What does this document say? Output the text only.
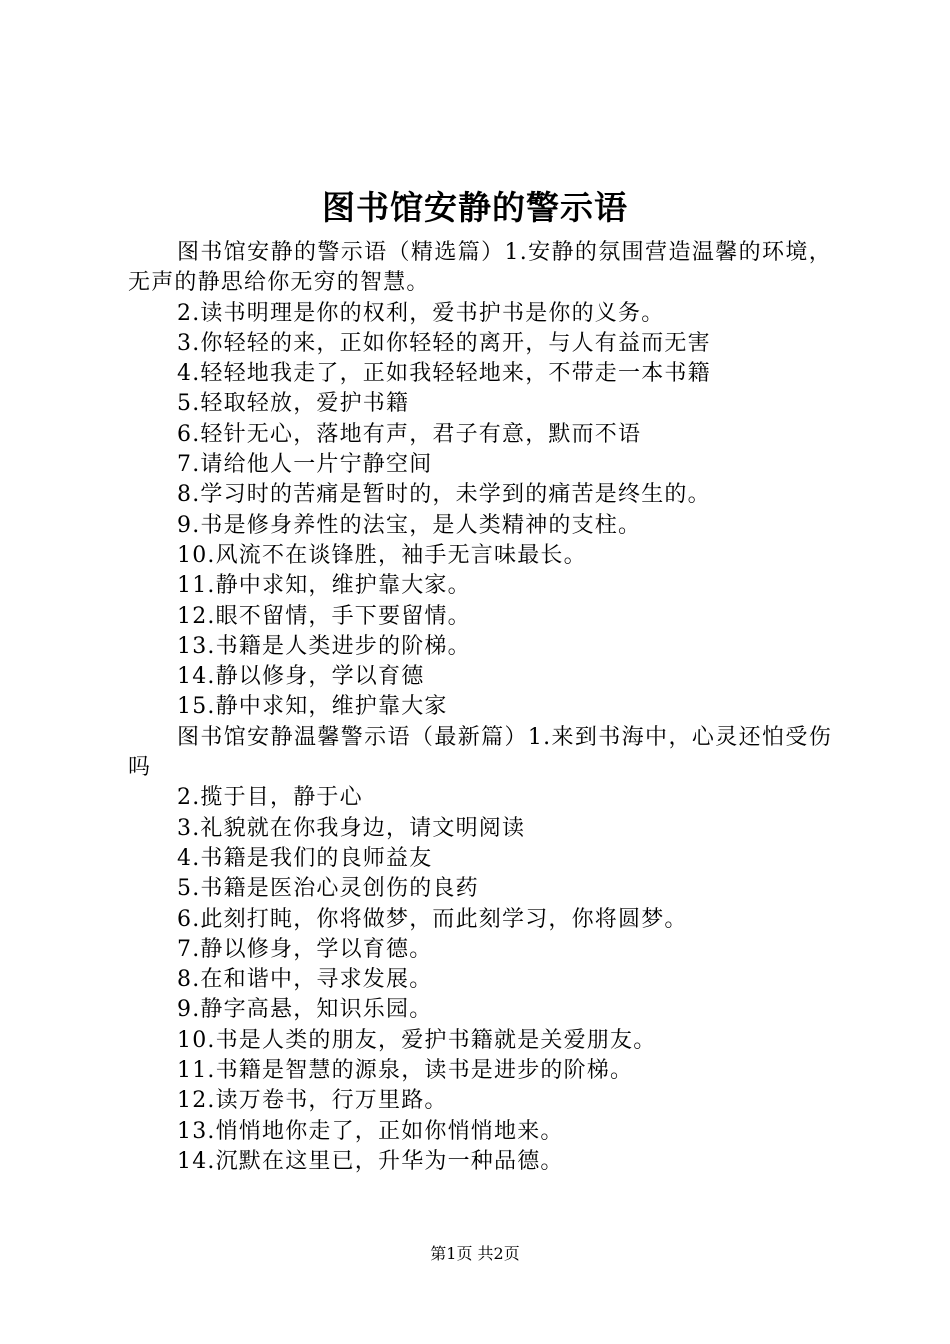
图书馆安静的警示语

图书馆安静的警示语（精选篇）1.安静的氛围营造温馨的环境，无声的静思给你无穷的智慧。

2.读书明理是你的权利，爱书护书是你的义务。

3.你轻轻的来，正如你轻轻的离开，与人有益而无害

4.轻轻地我走了，正如我轻轻地来，不带走一本书籍

5.轻取轻放，爱护书籍

6.轻针无心，落地有声，君子有意，默而不语

7.请给他人一片宁静空间

8.学习时的苦痛是暂时的，未学到的痛苦是终生的。

9.书是修身养性的法宝，是人类精神的支柱。

10.风流不在谈锋胜，袖手无言味最长。

11.静中求知，维护靠大家。

12.眼不留情，手下要留情。

13.书籍是人类进步的阶梯。

14.静以修身，学以育德

15.静中求知，维护靠大家

图书馆安静温馨警示语（最新篇）1.来到书海中，心灵还怕受伤吗

2.揽于目，静于心

3.礼貌就在你我身边，请文明阅读

4.书籍是我们的良师益友

5.书籍是医治心灵创伤的良药

6.此刻打盹，你将做梦，而此刻学习，你将圆梦。

7.静以修身，学以育德。

8.在和谐中，寻求发展。

9.静字高悬，知识乐园。

10.书是人类的朋友，爱护书籍就是关爱朋友。

11.书籍是智慧的源泉，读书是进步的阶梯。

12.读万卷书，行万里路。

13.悄悄地你走了，正如你悄悄地来。

14.沉默在这里已，升华为一种品德。

第1页 共2页
